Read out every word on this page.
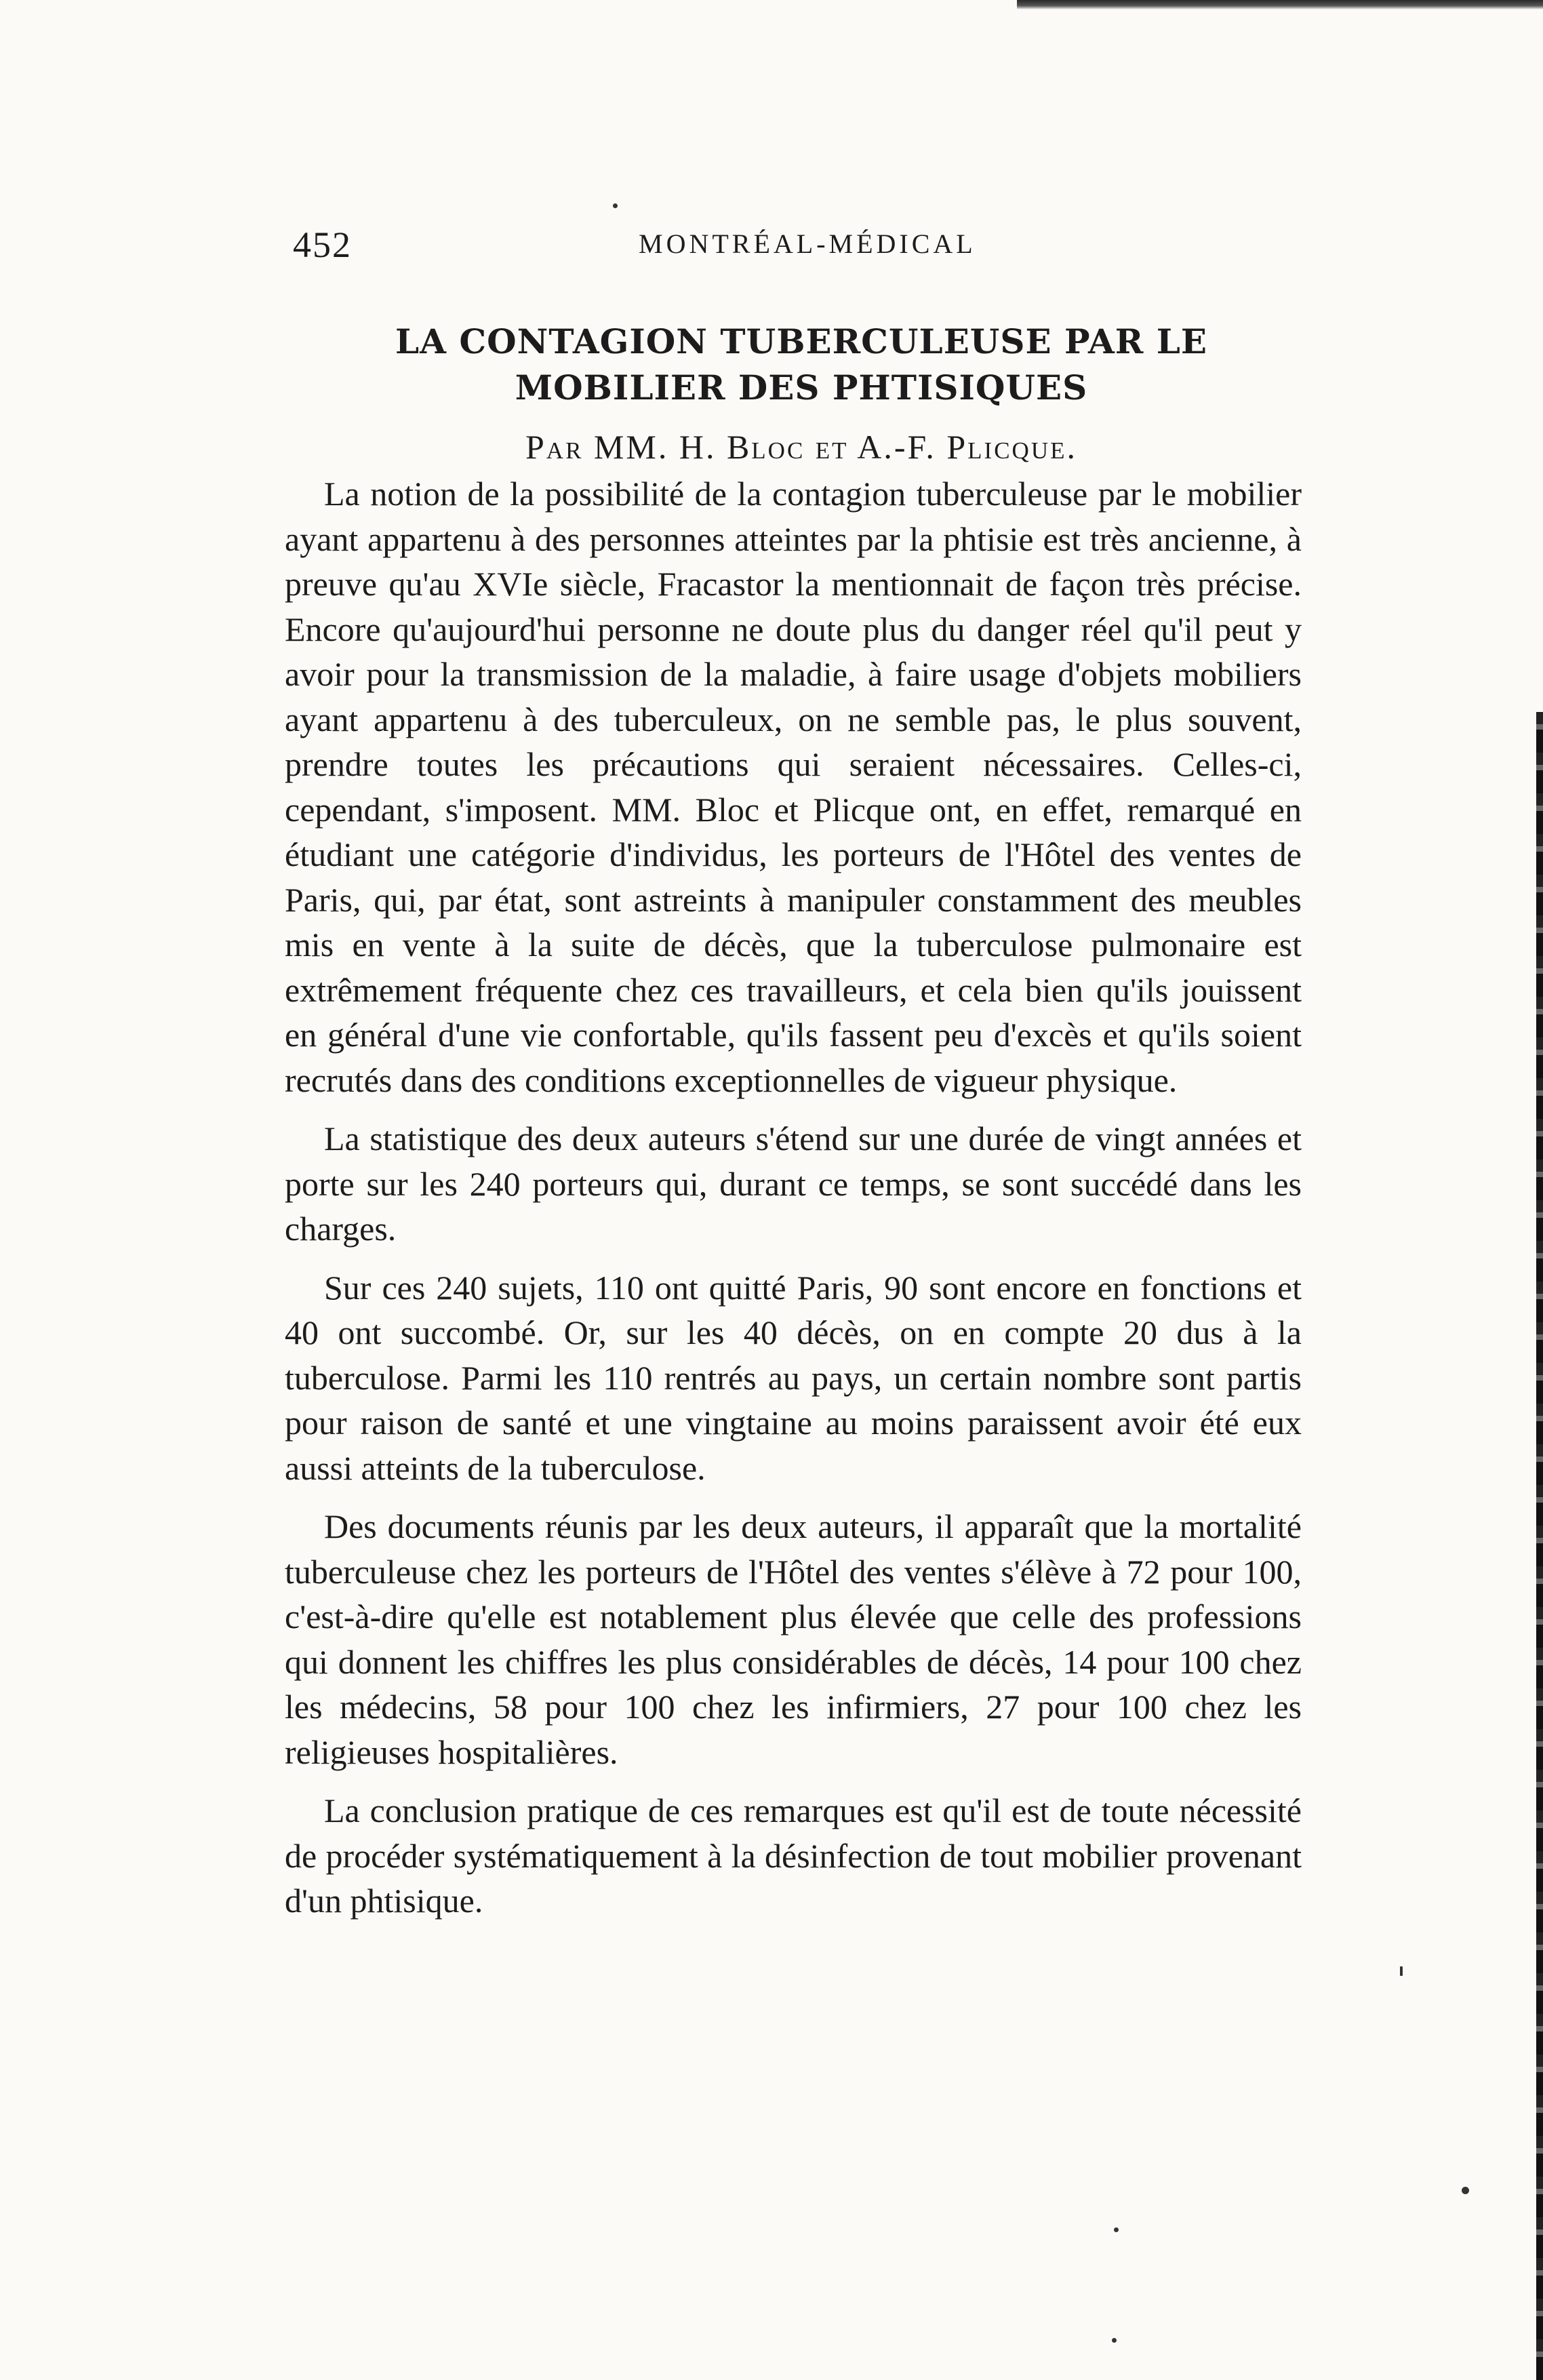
452	MONTRÉAL-MÉDICAL
LA CONTAGION TUBERCULEUSE PAR LE MOBILIER DES PHTISIQUES
Par MM. H. Bloc et A.-F. Plicque.

La notion de la possibilité de la contagion tuberculeuse par le mobilier ayant appartenu à des personnes atteintes par la phtisie est très ancienne, à preuve qu'au XVIe siècle, Fracastor la mentionnait de façon très précise. Encore qu'aujourd'hui personne ne doute plus du danger réel qu'il peut y avoir pour la transmission de la maladie, à faire usage d'objets mobiliers ayant appartenu à des tuberculeux, on ne semble pas, le plus souvent, prendre toutes les précautions qui seraient nécessaires. Celles-ci, cependant, s'imposent. MM. Bloc et Plicque ont, en effet, remarqué en étudiant une catégorie d'individus, les porteurs de l'Hôtel des ventes de Paris, qui, par état, sont astreints à manipuler constamment des meubles mis en vente à la suite de décès, que la tuberculose pulmonaire est extrêmement fréquente chez ces travailleurs, et cela bien qu'ils jouissent en général d'une vie confortable, qu'ils fassent peu d'excès et qu'ils soient recrutés dans des conditions exceptionnelles de vigueur physique.

La statistique des deux auteurs s'étend sur une durée de vingt années et porte sur les 240 porteurs qui, durant ce temps, se sont succédé dans les charges.

Sur ces 240 sujets, 110 ont quitté Paris, 90 sont encore en fonctions et 40 ont succombé. Or, sur les 40 décès, on en compte 20 dus à la tuberculose. Parmi les 110 rentrés au pays, un certain nombre sont partis pour raison de santé et une vingtaine au moins paraissent avoir été eux aussi atteints de la tuberculose.

Des documents réunis par les deux auteurs, il apparaît que la mortalité tuberculeuse chez les porteurs de l'Hôtel des ventes s'élève à 72 pour 100, c'est-à-dire qu'elle est notablement plus élevée que celle des professions qui donnent les chiffres les plus considérables de décès, 14 pour 100 chez les médecins, 58 pour 100 chez les infirmiers, 27 pour 100 chez les religieuses hospitalières.

La conclusion pratique de ces remarques est qu'il est de toute nécessité de procéder systématiquement à la désinfection de tout mobilier provenant d'un phtisique.
